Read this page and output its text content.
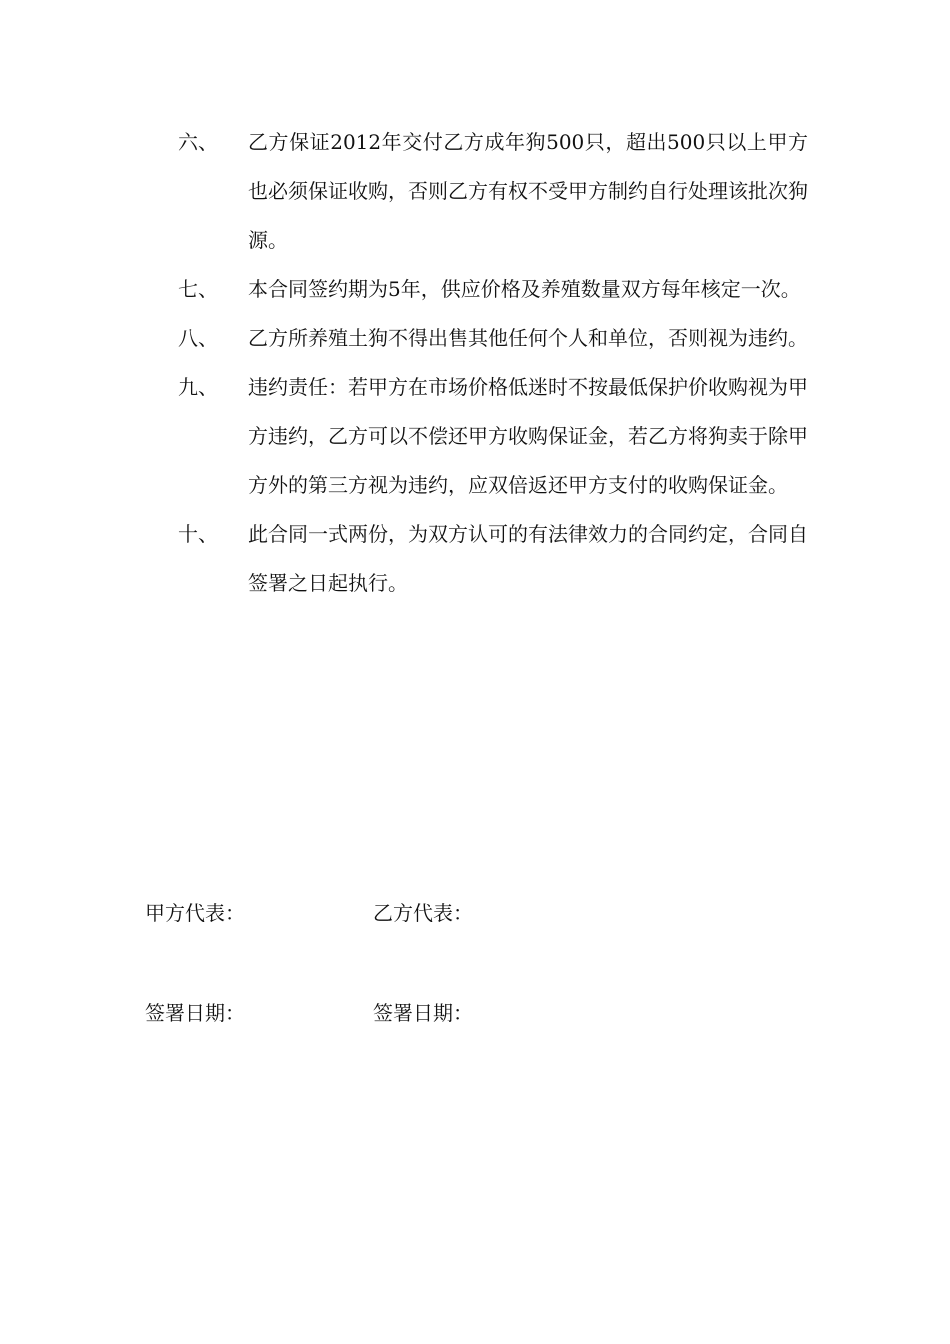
六、	乙方保证2012年交付乙方成年狗500只，超出500只以上甲方也必须保证收购，否则乙方有权不受甲方制约自行处理该批次狗源。
七、	本合同签约期为5年，供应价格及养殖数量双方每年核定一次。
八、	乙方所养殖土狗不得出售其他任何个人和单位，否则视为违约。
九、	违约责任：若甲方在市场价格低迷时不按最低保护价收购视为甲方违约，乙方可以不偿还甲方收购保证金，若乙方将狗卖于除甲方外的第三方视为违约，应双倍返还甲方支付的收购保证金。
十、	此合同一式两份，为双方认可的有法律效力的合同约定，合同自签署之日起执行。
甲方代表：	乙方代表：
签署日期：	签署日期：
